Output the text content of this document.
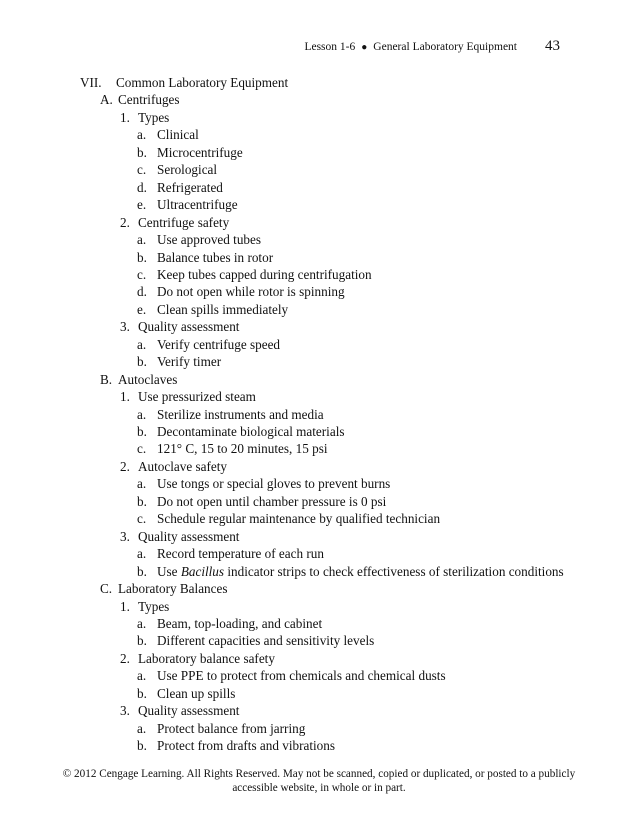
Lesson 1-6 ● General Laboratory Equipment 43
VII. Common Laboratory Equipment
A. Centrifuges
1. Types
a. Clinical
b. Microcentrifuge
c. Serological
d. Refrigerated
e. Ultracentrifuge
2. Centrifuge safety
a. Use approved tubes
b. Balance tubes in rotor
c. Keep tubes capped during centrifugation
d. Do not open while rotor is spinning
e. Clean spills immediately
3. Quality assessment
a. Verify centrifuge speed
b. Verify timer
B. Autoclaves
1. Use pressurized steam
a. Sterilize instruments and media
b. Decontaminate biological materials
c. 121° C, 15 to 20 minutes, 15 psi
2. Autoclave safety
a. Use tongs or special gloves to prevent burns
b. Do not open until chamber pressure is 0 psi
c. Schedule regular maintenance by qualified technician
3. Quality assessment
a. Record temperature of each run
b. Use Bacillus indicator strips to check effectiveness of sterilization conditions
C. Laboratory Balances
1. Types
a. Beam, top-loading, and cabinet
b. Different capacities and sensitivity levels
2. Laboratory balance safety
a. Use PPE to protect from chemicals and chemical dusts
b. Clean up spills
3. Quality assessment
a. Protect balance from jarring
b. Protect from drafts and vibrations
© 2012 Cengage Learning. All Rights Reserved. May not be scanned, copied or duplicated, or posted to a publicly
accessible website, in whole or in part.
